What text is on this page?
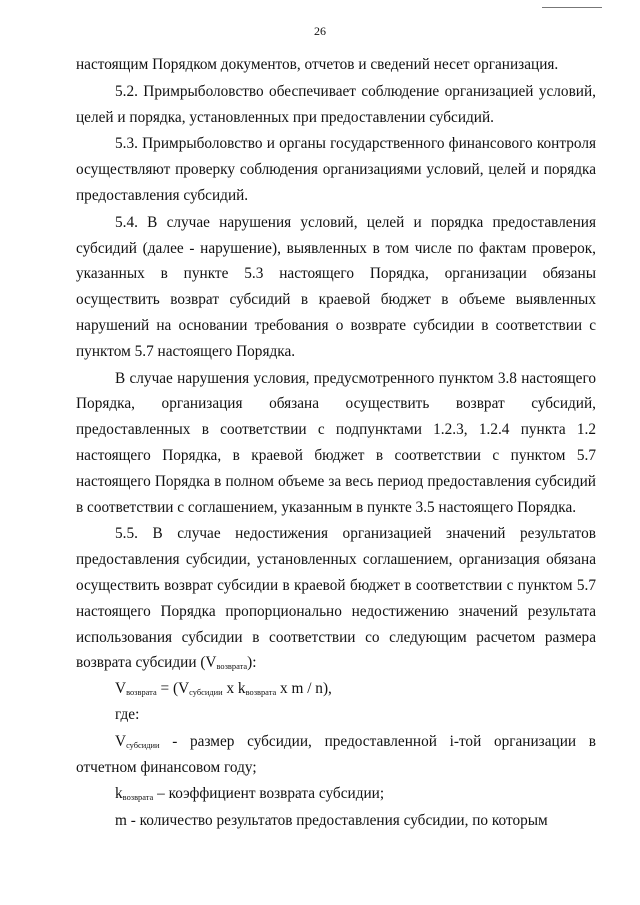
26

настоящим Порядком документов, отчетов и сведений несет организация.

5.2. Примрыболовство обеспечивает соблюдение организацией условий, целей и порядка, установленных при предоставлении субсидий.

5.3. Примрыболовство и органы государственного финансового контроля осуществляют проверку соблюдения организациями условий, целей и порядка предоставления субсидий.

5.4. В случае нарушения условий, целей и порядка предоставления субсидий (далее - нарушение), выявленных в том числе по фактам проверок, указанных в пункте 5.3 настоящего Порядка, организации обязаны осуществить возврат субсидий в краевой бюджет в объеме выявленных нарушений на основании требования о возврате субсидии в соответствии с пунктом 5.7 настоящего Порядка.

В случае нарушения условия, предусмотренного пунктом 3.8 настоящего Порядка, организация обязана осуществить возврат субсидий, предоставленных в соответствии с подпунктами 1.2.3, 1.2.4 пункта 1.2 настоящего Порядка, в краевой бюджет в соответствии с пунктом 5.7 настоящего Порядка в полном объеме за весь период предоставления субсидий в соответствии с соглашением, указанным в пункте 3.5 настоящего Порядка.

5.5. В случае недостижения организацией значений результатов предоставления субсидии, установленных соглашением, организация обязана осуществить возврат субсидии в краевой бюджет в соответствии с пунктом 5.7 настоящего Порядка пропорционально недостижению значений результата использования субсидии в соответствии со следующим расчетом размера возврата субсидии $(V_{возврата})$:

$V_{возврата} = (V_{субсидии}$ x $k_{возврата}$ x m / n),

где:

$V_{субсидии}$ - размер субсидии, предоставленной i-той организации в отчетном финансовом году;

$k_{возврата}$ – коэффициент возврата субсидии;

m - количество результатов предоставления субсидии, по которым
